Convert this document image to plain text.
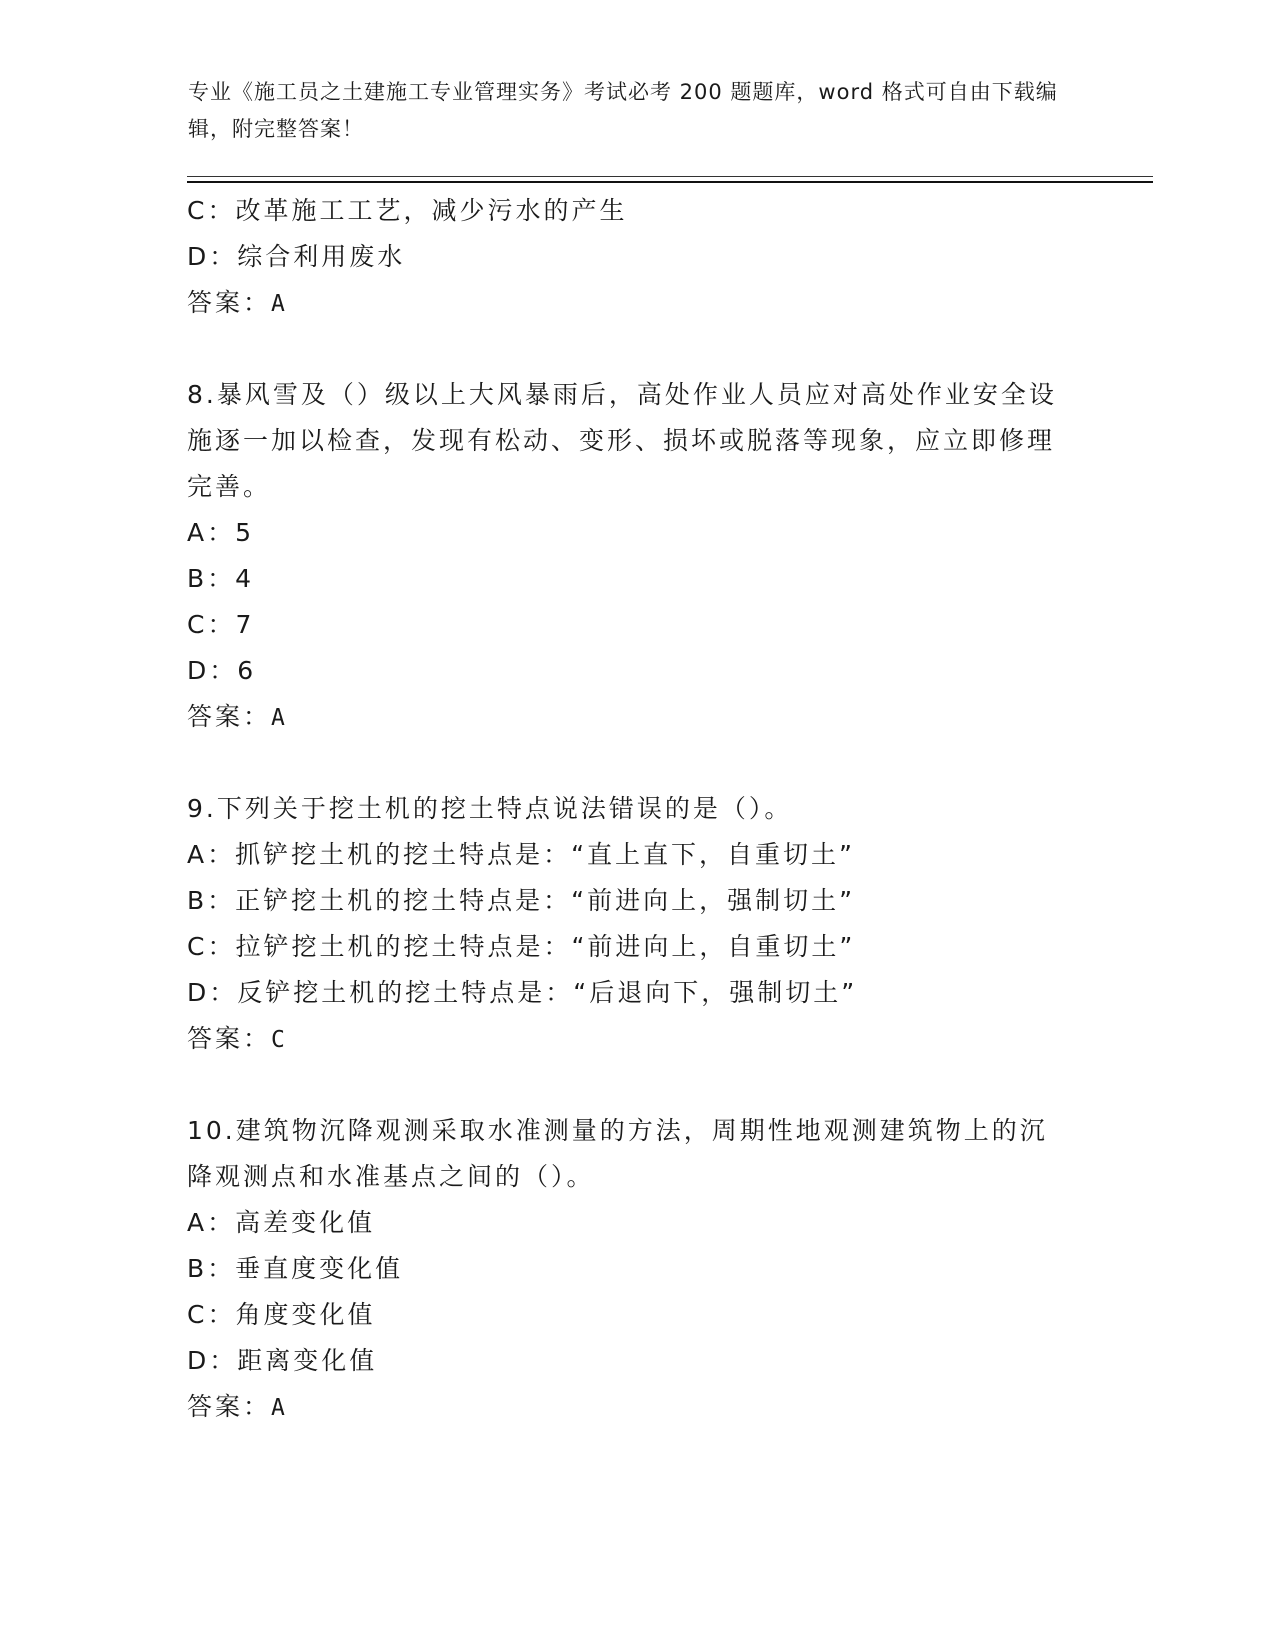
专业《施工员之土建施工专业管理实务》考试必考 200 题题库，word 格式可自由下载编辑，附完整答案！
C：改革施工工艺，减少污水的产生
D：综合利用废水
答案：A
8.暴风雪及（）级以上大风暴雨后，高处作业人员应对高处作业安全设施逐一加以检查，发现有松动、变形、损坏或脱落等现象，应立即修理完善。
A：5
B：4
C：7
D：6
答案：A
9.下列关于挖土机的挖土特点说法错误的是（）。
A：抓铲挖土机的挖土特点是：“直上直下，自重切土”
B：正铲挖土机的挖土特点是：“前进向上，强制切土”
C：拉铲挖土机的挖土特点是：“前进向上，自重切土”
D：反铲挖土机的挖土特点是：“后退向下，强制切土”
答案：C
10.建筑物沉降观测采取水准测量的方法，周期性地观测建筑物上的沉降观测点和水准基点之间的（）。
A：高差变化值
B：垂直度变化值
C：角度变化值
D：距离变化值
答案：A
